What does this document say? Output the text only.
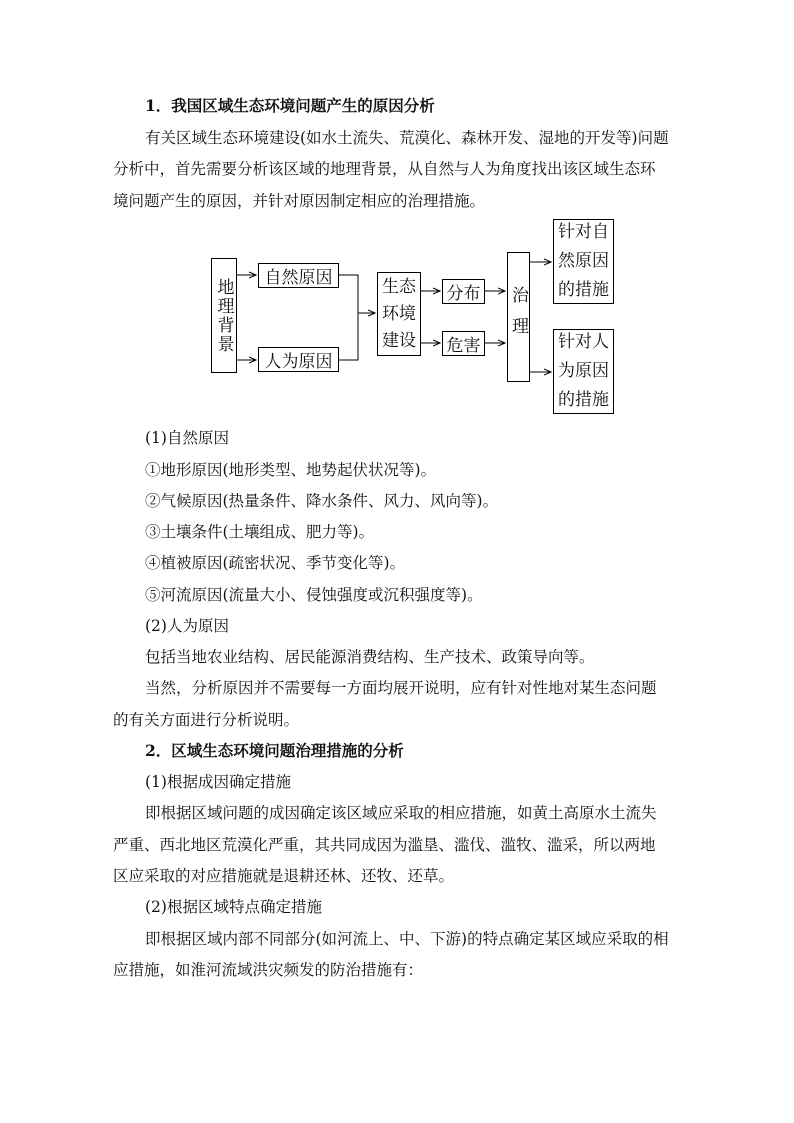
1．我国区域生态环境问题产生的原因分析
有关区域生态环境建设(如水土流失、荒漠化、森林开发、湿地的开发等)问题
分析中，首先需要分析该区域的地理背景，从自然与人为角度找出该区域生态环
境问题产生的原因，并针对原因制定相应的治理措施。
地理背景	自然原因
人为原因
生态
环境
建设
分布
危害 治理
针对自
然原因
的措施
针对人
为原因
的措施
(1)自然原因
①地形原因(地形类型、地势起伏状况等)。
②气候原因(热量条件、降水条件、风力、风向等)。
③土壤条件(土壤组成、肥力等)。
④植被原因(疏密状况、季节变化等)。
⑤河流原因(流量大小、侵蚀强度或沉积强度等)。
(2)人为原因
包括当地农业结构、居民能源消费结构、生产技术、政策导向等。
当然，分析原因并不需要每一方面均展开说明，应有针对性地对某生态问题
的有关方面进行分析说明。
2．区域生态环境问题治理措施的分析
(1)根据成因确定措施
即根据区域问题的成因确定该区域应采取的相应措施，如黄土高原水土流失
严重、西北地区荒漠化严重，其共同成因为滥垦、滥伐、滥牧、滥采，所以两地
区应采取的对应措施就是退耕还林、还牧、还草。
(2)根据区域特点确定措施
即根据区域内部不同部分(如河流上、中、下游)的特点确定某区域应采取的相
应措施，如淮河流域洪灾频发的防治措施有：
